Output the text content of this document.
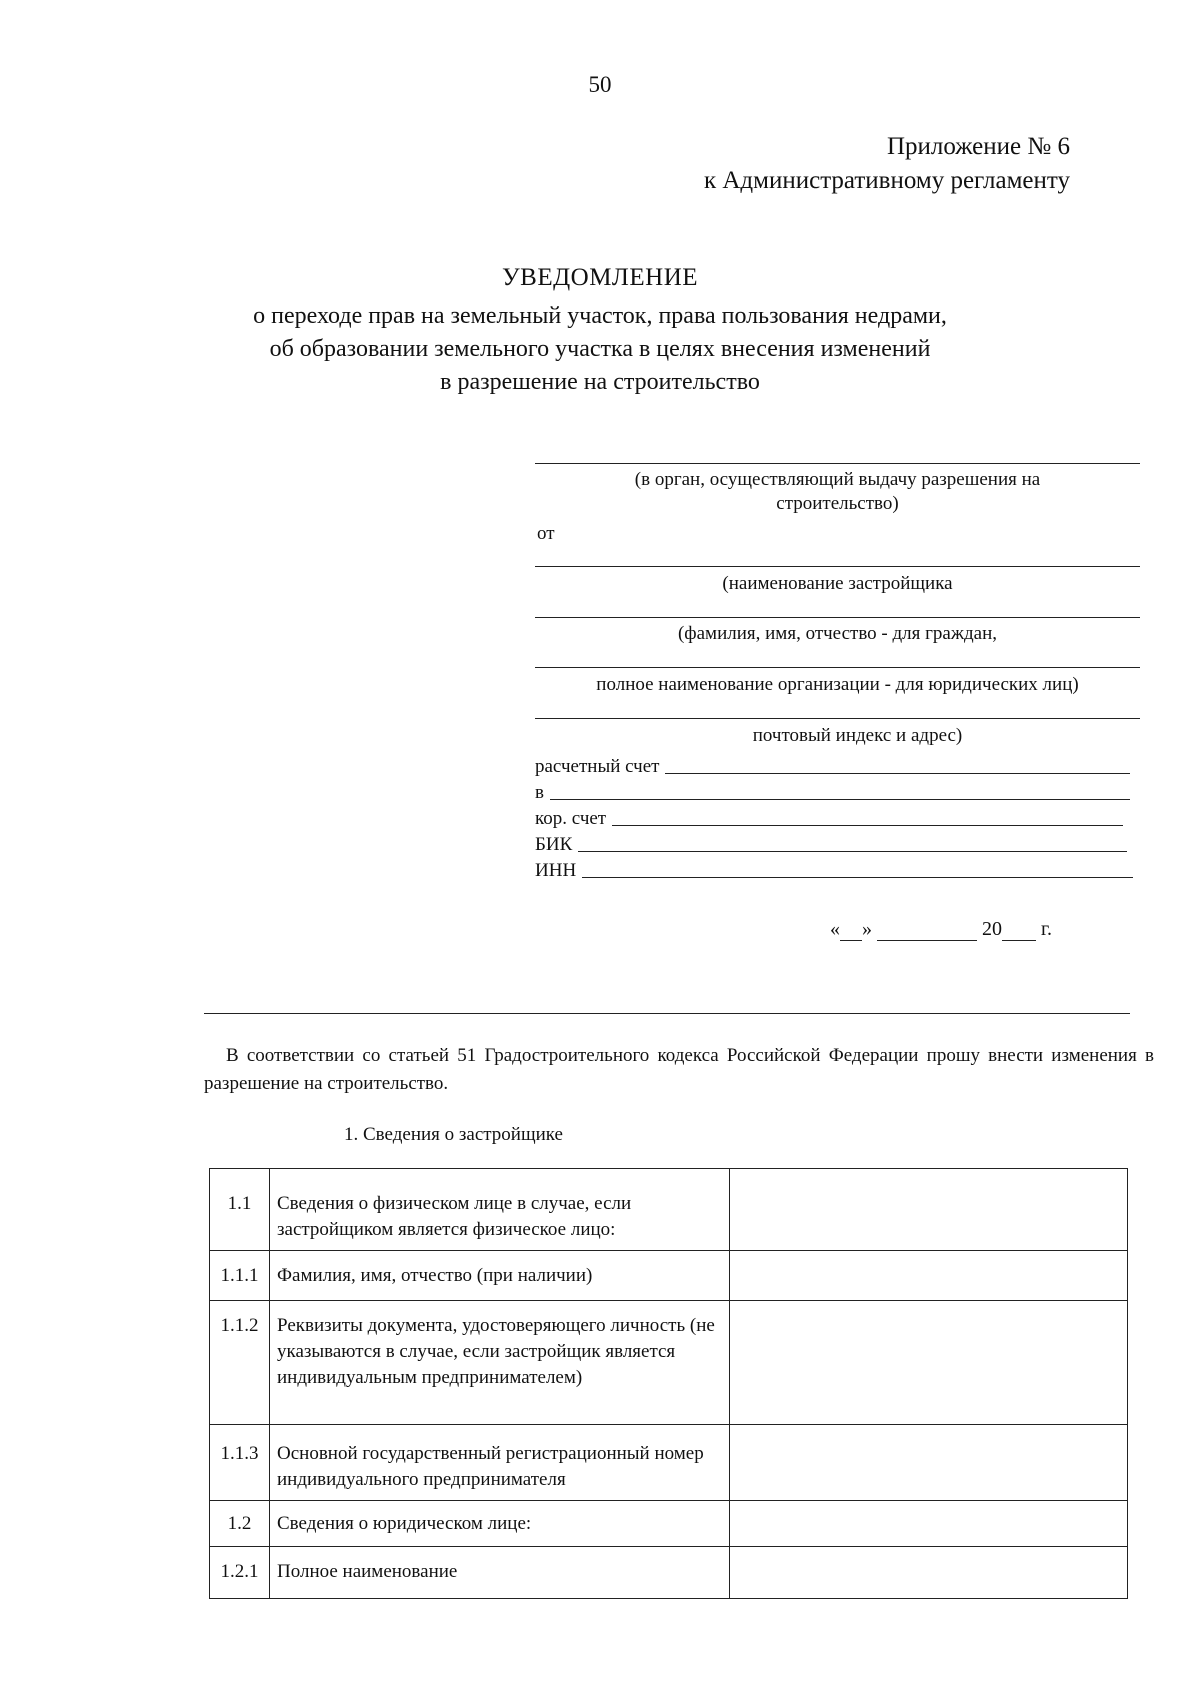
50
Приложение № 6
к Административному регламенту
УВЕДОМЛЕНИЕ
о переходе прав на земельный участок, права пользования недрами,
об образовании земельного участка в целях внесения изменений
в разрешение на строительство
(в орган, осуществляющий выдачу разрешения на
строительство)
от
(наименование застройщика
(фамилия, имя, отчество - для граждан,
полное наименование организации - для юридических лиц)
почтовый индекс и адрес)
расчетный счет
в
кор. счет
БИК
ИНН
« »

	20
г.
В соответствии со статьей 51 Градостроительного кодекса Российской Федерации прошу внести изменения в разрешение на строительство.
1. Сведения о застройщике
1.1	Сведения о физическом лице в случае, если застройщиком является физическое лицо:	
1.1.1	Фамилия, имя, отчество (при наличии)	
1.1.2	Реквизиты документа, удостоверяющего личность (не указываются в случае, если застройщик является индивидуальным предпринимателем)	
1.1.3	Основной государственный регистрационный номер индивидуального предпринимателя	
1.2	Сведения о юридическом лице:	
1.2.1	Полное наименование	
